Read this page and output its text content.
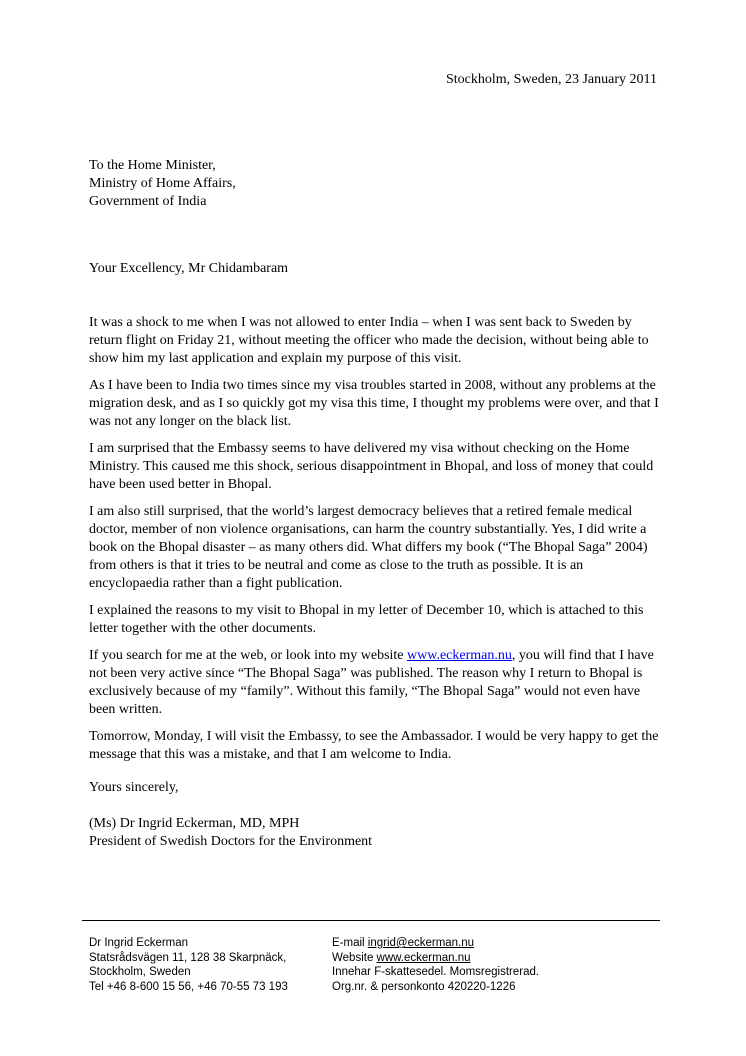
Stockholm, Sweden, 23 January 2011
To the Home Minister,
Ministry of Home Affairs,
Government of India
Your Excellency, Mr Chidambaram

It was a shock to me when I was not allowed to enter India – when I was sent back to Sweden by return flight on Friday 21, without meeting the officer who made the decision, without being able to show him my last application and explain my purpose of this visit.

As I have been to India two times since my visa troubles started in 2008, without any problems at the migration desk, and as I so quickly got my visa this time, I thought my problems were over, and that I was not any longer on the black list.

I am surprised that the Embassy seems to have delivered my visa without checking on the Home Ministry. This caused me this shock, serious disappointment in Bhopal, and loss of money that could have been used better in Bhopal.

I am also still surprised, that the world’s largest democracy believes that a retired female medical doctor, member of non violence organisations, can harm the country substantially. Yes, I did write a book on the Bhopal disaster – as many others did. What differs my book (“The Bhopal Saga” 2004) from others is that it tries to be neutral and come as close to the truth as possible. It is an encyclopaedia rather than a fight publication.

I explained the reasons to my visit to Bhopal in my letter of December 10, which is attached to this letter together with the other documents.

If you search for me at the web, or look into my website www.eckerman.nu, you will find that I have not been very active since “The Bhopal Saga” was published. The reason why I return to Bhopal is exclusively because of my “family”. Without this family, “The Bhopal Saga” would not even have been written.

Tomorrow, Monday, I will visit the Embassy, to see the Ambassador. I would be very happy to get the message that this was a mistake, and that I am welcome to India.

Yours sincerely,
(Ms) Dr Ingrid Eckerman, MD, MPH
President of Swedish Doctors for the Environment
Dr Ingrid Eckerman
Statsrådsvägen 11, 128 38 Skarpnäck,
Stockholm, Sweden
Tel +46 8-600 15 56, +46 70-55 73 193
E-mail ingrid@eckerman.nu
Website www.eckerman.nu
Innehar F-skattesedel. Momsregistrerad.
Org.nr. & personkonto 420220-1226
